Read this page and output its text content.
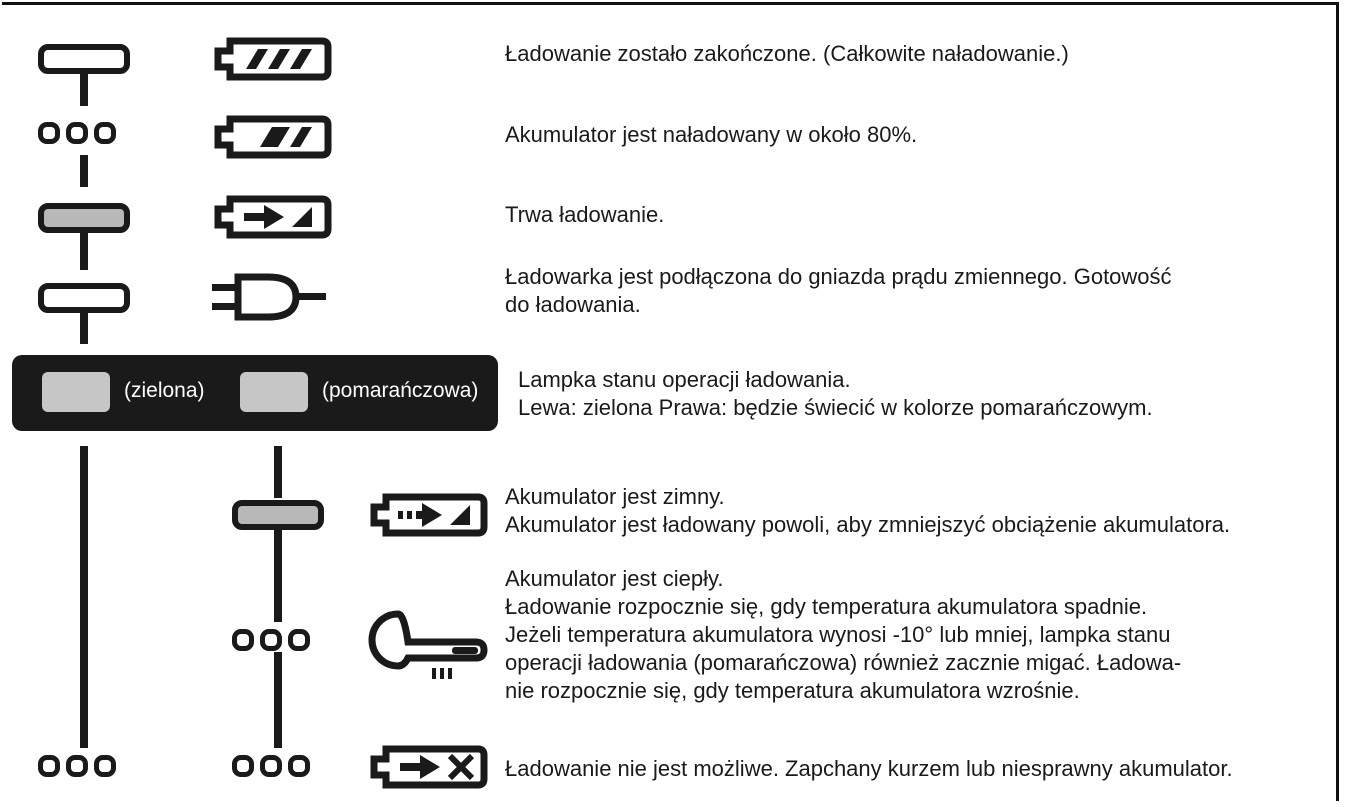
Ładowanie zostało zakończone. (Całkowite naładowanie.)
Akumulator jest naładowany w około 80%.
Trwa ładowanie.
Ładowarka jest podłączona do gniazda prądu zmiennego. Gotowość
do ładowania.
(zielona)	(pomarańczowa) Lampka stanu operacji ładowania.
Lewa: zielona Prawa: będzie świecić w kolorze pomarańczowym.
Akumulator jest zimny.
Akumulator jest ładowany powoli, aby zmniejszyć obciążenie akumulatora.
Akumulator jest ciepły.
Ładowanie rozpocznie się, gdy temperatura akumulatora spadnie.
Jeżeli temperatura akumulatora wynosi -10° lub mniej, lampka stanu
operacji ładowania (pomarańczowa) również zacznie migać. Ładowa-
nie rozpocznie się, gdy temperatura akumulatora wzrośnie.
Ładowanie nie jest możliwe. Zapchany kurzem lub niesprawny akumulator.
